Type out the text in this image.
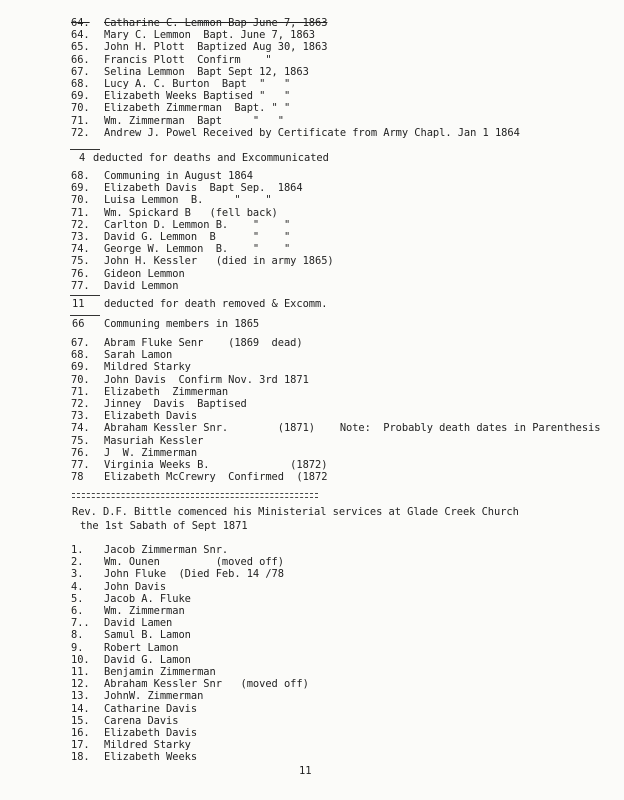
64. Catharine C. Lemmon Bap June 7, 1863
64. Mary C. Lemmon  Bapt. June 7, 1863
65. John H. Plott  Baptized Aug 30, 1863
66. Francis Plott  Confirm    "
67. Selina Lemmon  Bapt Sept 12, 1863
68. Lucy A. C. Burton  Bapt  "   "
69. Elizabeth Weeks Baptised "   "
70. Elizabeth Zimmerman  Bapt. " "
71. Wm. Zimmerman  Bapt     "   "
72. Andrew J. Powel Received by Certificate from Army Chapl. Jan 1 1864
4 deducted for deaths and Excommunicated
68. Communing in August 1864
69. Elizabeth Davis  Bapt Sep.  1864
70. Luisa Lemmon  B.     "    "
71. Wm. Spickard B   (fell back)
72. Carlton D. Lemmon B.    "    "
73. David G. Lemmon  B      "    "
74. George W. Lemmon  B.    "    "
75. John H. Kessler   (died in army 1865)
76. Gideon Lemmon
77. David Lemmon
11 deducted for death removed & Excomm.
66 Communing members in 1865
67. Abram Fluke Senr    (1869  dead)
68. Sarah Lamon
69. Mildred Starky
70. John Davis  Confirm Nov. 3rd 1871
71. Elizabeth  Zimmerman
72. Jinney  Davis  Baptised
73. Elizabeth Davis
74. Abraham Kessler Snr.        (1871)    Note:  Probably death dates in Parenthesis
75. Masuriah Kessler
76. J  W. Zimmerman
77. Virginia Weeks B.             (1872)
78 Elizabeth McCrewry  Confirmed  (1872
Rev. D.F. Bittle comenced his Ministerial services at Glade Creek Church
the 1st Sabath of Sept 1871
1. Jacob Zimmerman Snr.
2. Wm. Ounen         (moved off)
3. John Fluke  (Died Feb. 14 /78
4. John Davis
5. Jacob A. Fluke
6. Wm. Zimmerman
7.. David Lamen
8. Samul B. Lamon
9. Robert Lamon
10. David G. Lamon
11. Benjamin Zimmerman
12. Abraham Kessler Snr   (moved off)
13. JohnW. Zimmerman
14. Catharine Davis
15. Carena Davis
16. Elizabeth Davis
17. Mildred Starky
18. Elizabeth Weeks
11
